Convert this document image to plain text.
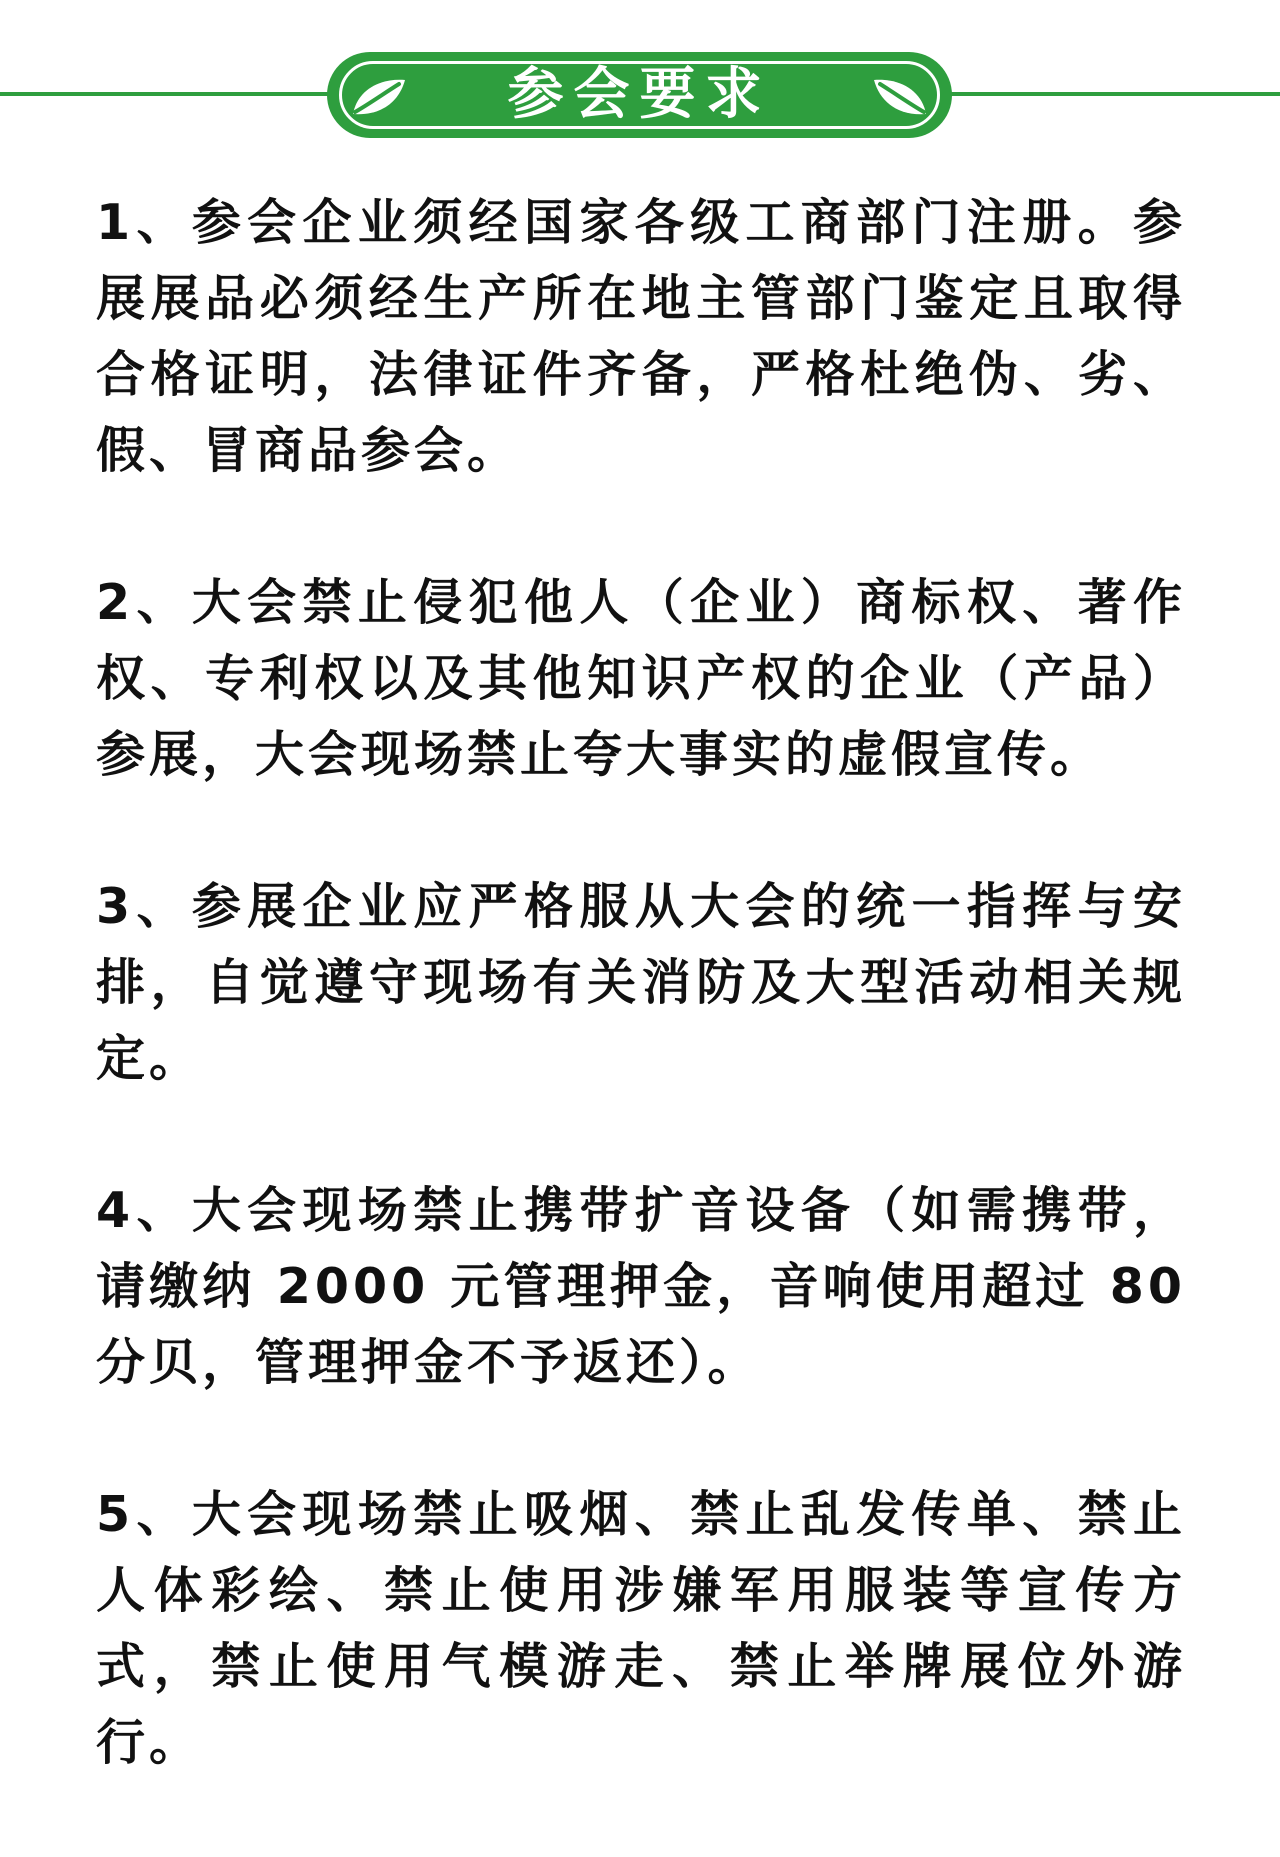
参会要求

1、参会企业须经国家各级工商部门注册。参展展品必须经生产所在地主管部门鉴定且取得合格证明，法律证件齐备，严格杜绝伪、劣、假、冒商品参会。

2、大会禁止侵犯他人（企业）商标权、著作权、专利权以及其他知识产权的企业（产品）参展，大会现场禁止夸大事实的虚假宣传。

3、参展企业应严格服从大会的统一指挥与安排，自觉遵守现场有关消防及大型活动相关规定。

4、大会现场禁止携带扩音设备（如需携带，请缴纳 2000 元管理押金，音响使用超过 80 分贝，管理押金不予返还）。

5、大会现场禁止吸烟、禁止乱发传单、禁止人体彩绘、禁止使用涉嫌军用服装等宣传方式，禁止使用气模游走、禁止举牌展位外游行。
